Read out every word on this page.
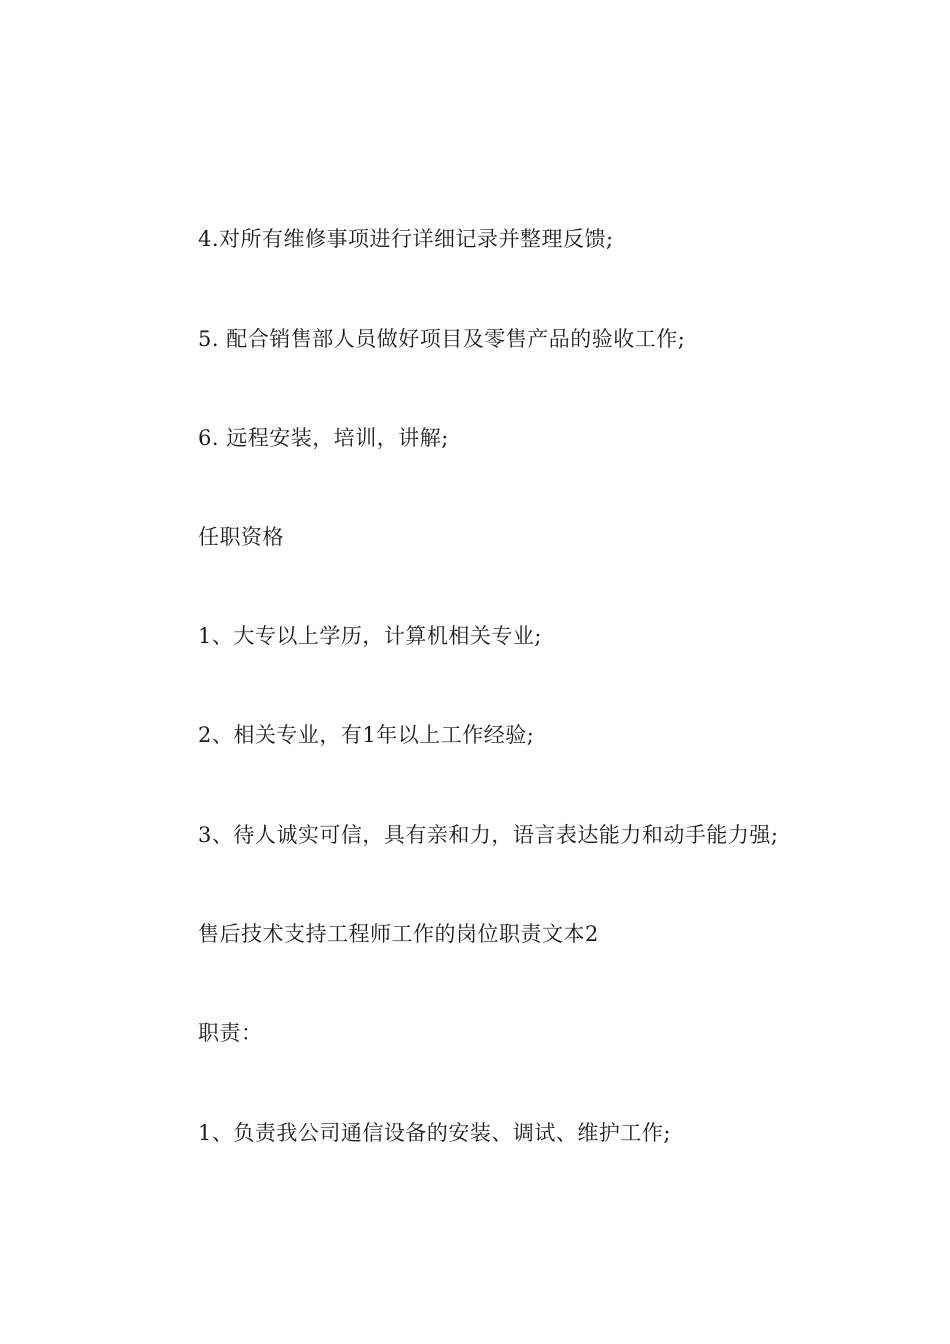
4.对所有维修事项进行详细记录并整理反馈;

5. 配合销售部人员做好项目及零售产品的验收工作;

6. 远程安装，培训，讲解;

任职资格

1、大专以上学历，计算机相关专业;

2、相关专业，有1年以上工作经验;

3、待人诚实可信，具有亲和力，语言表达能力和动手能力强;

售后技术支持工程师工作的岗位职责文本2

职责：

1、负责我公司通信设备的安装、调试、维护工作;
